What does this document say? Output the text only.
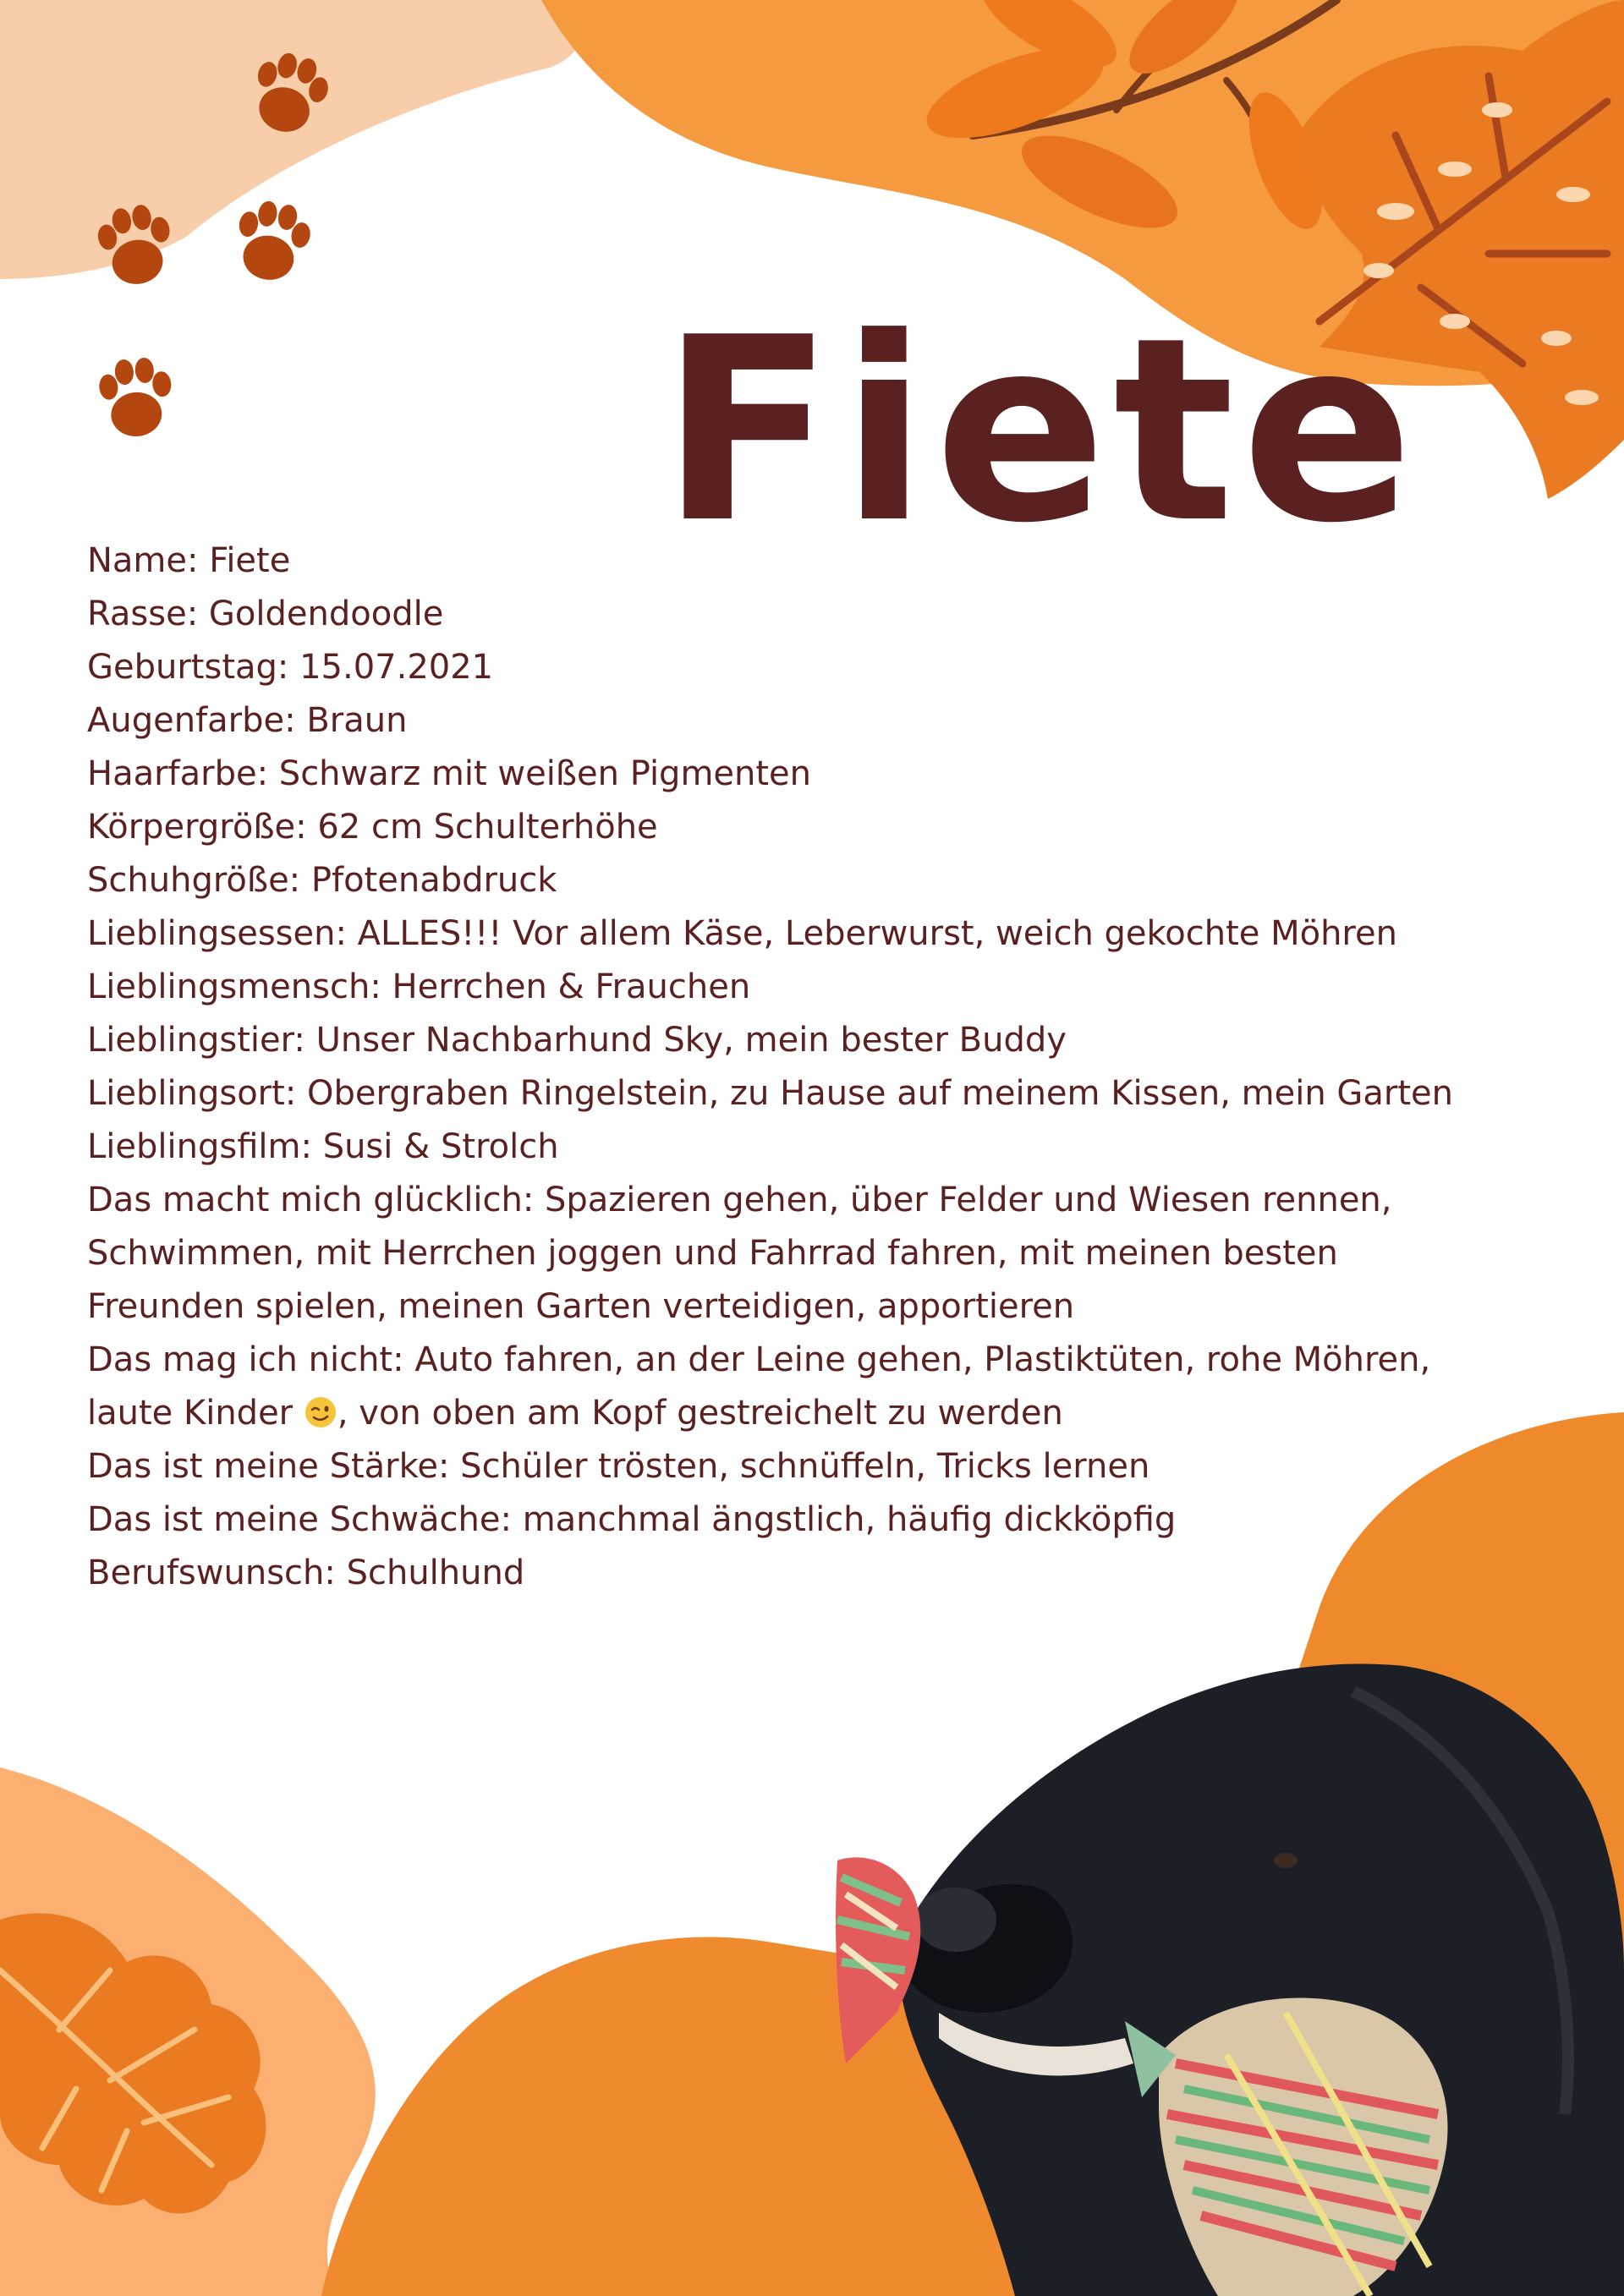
Fiete
Name: Fiete
Rasse: Goldendoodle
Geburtstag: 15.07.2021
Augenfarbe: Braun
Haarfarbe: Schwarz mit weißen Pigmenten
Körpergröße: 62 cm Schulterhöhe
Schuhgröße: Pfotenabdruck
Lieblingsessen: ALLES!!! Vor allem Käse, Leberwurst, weich gekochte Möhren
Lieblingsmensch: Herrchen & Frauchen
Lieblingstier: Unser Nachbarhund Sky, mein bester Buddy
Lieblingsort: Obergraben Ringelstein, zu Hause auf meinem Kissen, mein Garten
Lieblingsfilm: Susi & Strolch
Das macht mich glücklich: Spazieren gehen, über Felder und Wiesen rennen, Schwimmen, mit Herrchen joggen und Fahrrad fahren, mit meinen besten Freunden spielen, meinen Garten verteidigen, apportieren
Das mag ich nicht: Auto fahren, an der Leine gehen, Plastiktüten, rohe Möhren, laute Kinder , von oben am Kopf gestreichelt zu werden
Das ist meine Stärke: Schüler trösten, schnüffeln, Tricks lernen
Das ist meine Schwäche: manchmal ängstlich, häufig dickköpfig
Berufswunsch: Schulhund
